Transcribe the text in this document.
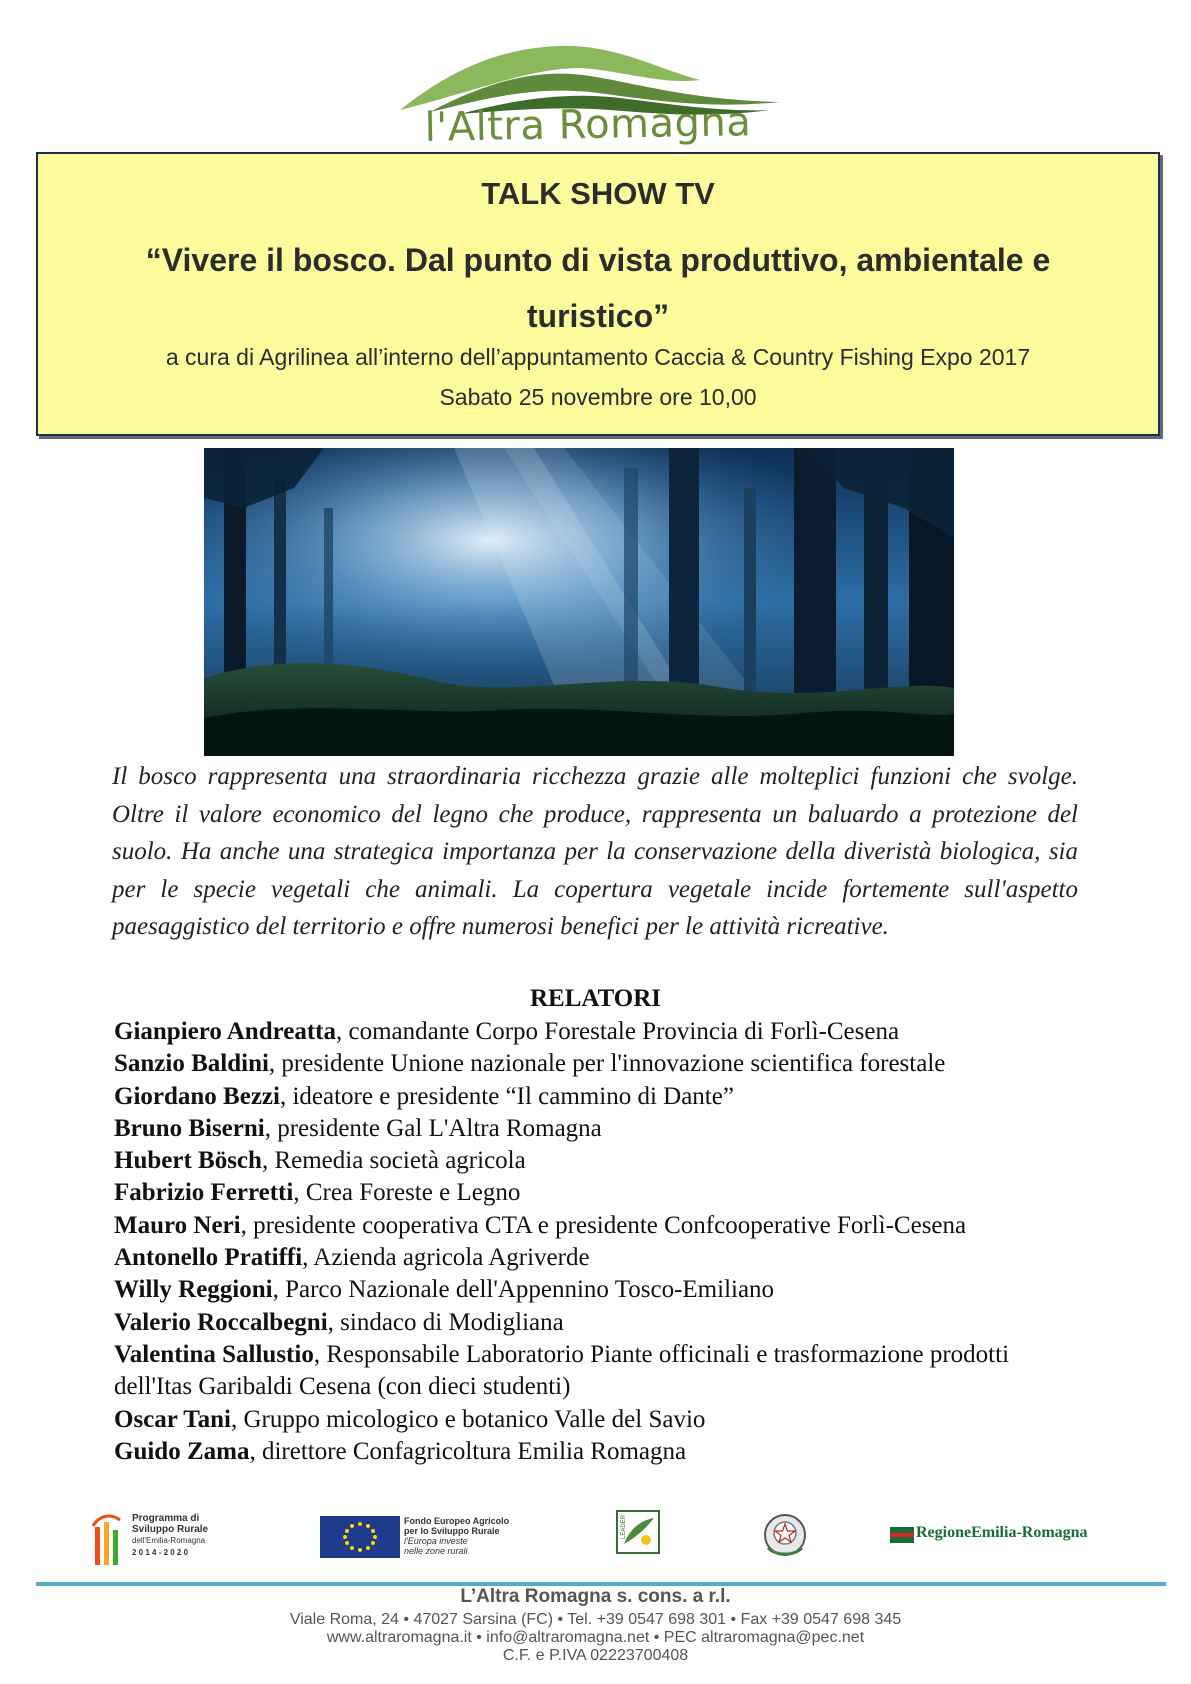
l'Altra Romagna
TALK SHOW TV
“Vivere il bosco. Dal punto di vista produttivo, ambientale e turistico”
a cura di Agrilinea all’interno dell’appuntamento Caccia & Country Fishing Expo 2017
Sabato 25 novembre ore 10,00
Il bosco rappresenta una straordinaria ricchezza grazie alle molteplici funzioni che svolge. Oltre il valore economico del legno che produce, rappresenta un baluardo a protezione del suolo. Ha anche una strategica importanza per la conservazione della diveristà biologica, sia per le specie vegetali che animali. La copertura vegetale incide fortemente sull'aspetto paesaggistico del territorio e offre numerosi benefici per le attività ricreative.
RELATORI
Gianpiero Andreatta, comandante Corpo Forestale Provincia di Forlì-Cesena
Sanzio Baldini, presidente Unione nazionale per l'innovazione scientifica forestale
Giordano Bezzi, ideatore e presidente “Il cammino di Dante”
Bruno Biserni, presidente Gal L'Altra Romagna
Hubert Bösch, Remedia società agricola
Fabrizio Ferretti, Crea Foreste e Legno
Mauro Neri, presidente cooperativa CTA e presidente Confcooperative Forlì-Cesena
Antonello Pratiffi, Azienda agricola Agriverde
Willy Reggioni, Parco Nazionale dell'Appennino Tosco-Emiliano
Valerio Roccalbegni, sindaco di Modigliana
Valentina Sallustio, Responsabile Laboratorio Piante officinali e trasformazione prodotti dell'Itas Garibaldi Cesena (con dieci studenti)
Oscar Tani, Gruppo micologico e botanico Valle del Savio
Guido Zama, direttore Confagricoltura Emilia Romagna
Programma di
Sviluppo Rurale
dell'Emilia-Romagna
2 0 1 4 - 2 0 2 0
Fondo Europeo Agricolo
per lo Sviluppo Rurale
l'Europa investe
nelle zone rurali
LEADER	RegioneEmilia-Romagna
L’Altra Romagna s. cons. a r.l.
Viale Roma, 24 • 47027 Sarsina (FC) • Tel. +39 0547 698 301 • Fax +39 0547 698 345
www.altraromagna.it • info@altraromagna.net • PEC altraromagna@pec.net
C.F. e P.IVA 02223700408
